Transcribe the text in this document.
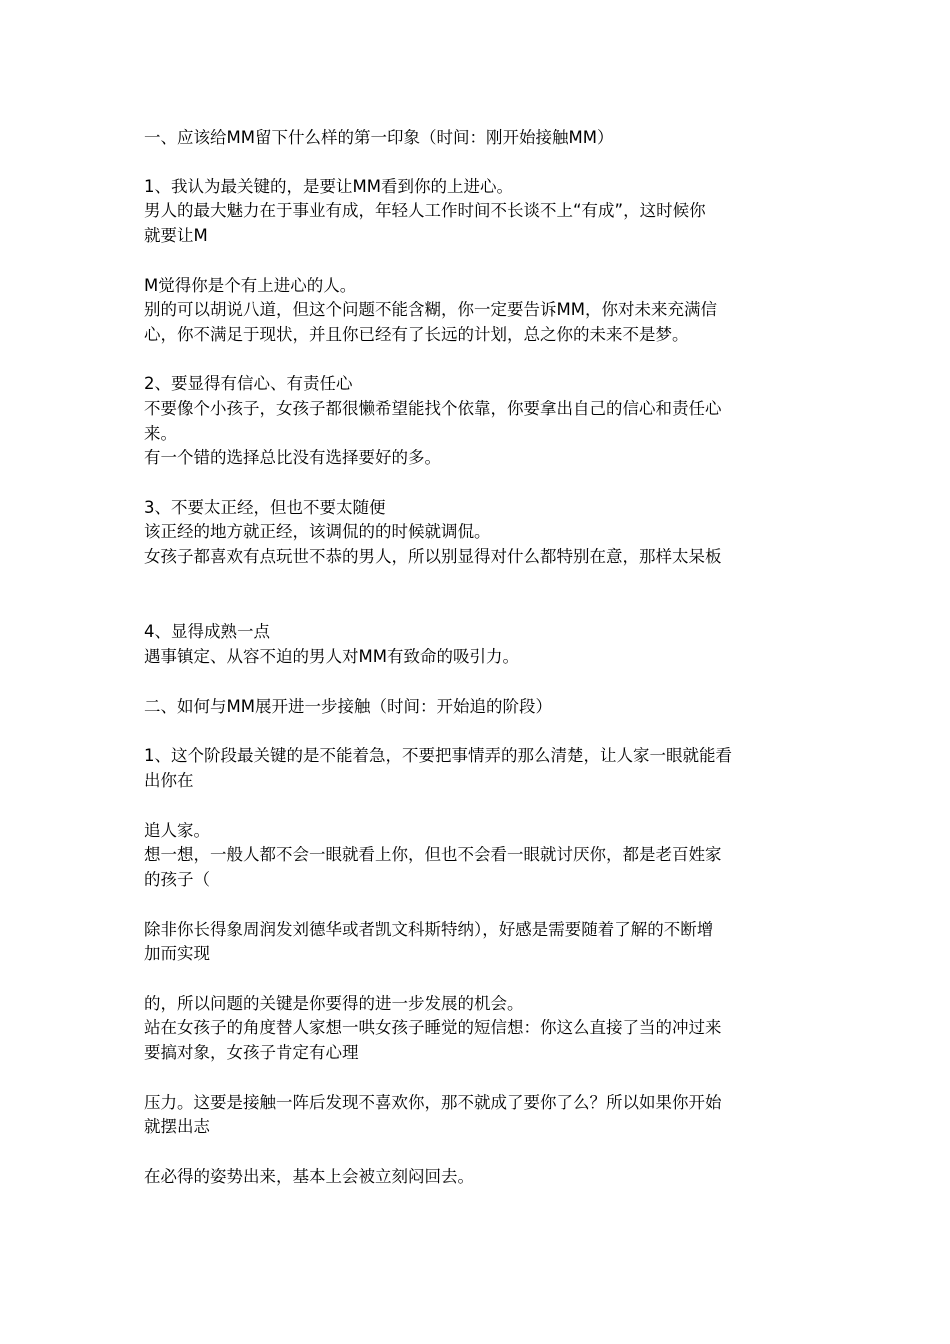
一、应该给MM留下什么样的第一印象（时间：刚开始接触MM）
1、我认为最关键的，是要让MM看到你的上进心。
男人的最大魅力在于事业有成，年轻人工作时间不长谈不上“有成”，这时候你
就要让M
M觉得你是个有上进心的人。
别的可以胡说八道，但这个问题不能含糊，你一定要告诉MM，你对未来充满信
心，你不满足于现状，并且你已经有了长远的计划，总之你的未来不是梦。
2、要显得有信心、有责任心
不要像个小孩子，女孩子都很懒希望能找个依靠，你要拿出自己的信心和责任心
来。
有一个错的选择总比没有选择要好的多。
3、不要太正经，但也不要太随便
该正经的地方就正经，该调侃的的时候就调侃。
女孩子都喜欢有点玩世不恭的男人，所以别显得对什么都特别在意，那样太呆板
4、显得成熟一点
遇事镇定、从容不迫的男人对MM有致命的吸引力。
二、如何与MM展开进一步接触（时间：开始追的阶段）
1、这个阶段最关键的是不能着急，不要把事情弄的那么清楚，让人家一眼就能看
出你在
追人家。
想一想，一般人都不会一眼就看上你，但也不会看一眼就讨厌你，都是老百姓家
的孩子（
除非你长得象周润发刘德华或者凯文科斯特纳），好感是需要随着了解的不断增
加而实现
的，所以问题的关键是你要得的进一步发展的机会。
站在女孩子的角度替人家想一哄女孩子睡觉的短信想：你这么直接了当的冲过来
要搞对象，女孩子肯定有心理
压力。这要是接触一阵后发现不喜欢你，那不就成了要你了么？所以如果你开始
就摆出志
在必得的姿势出来，基本上会被立刻闷回去。
